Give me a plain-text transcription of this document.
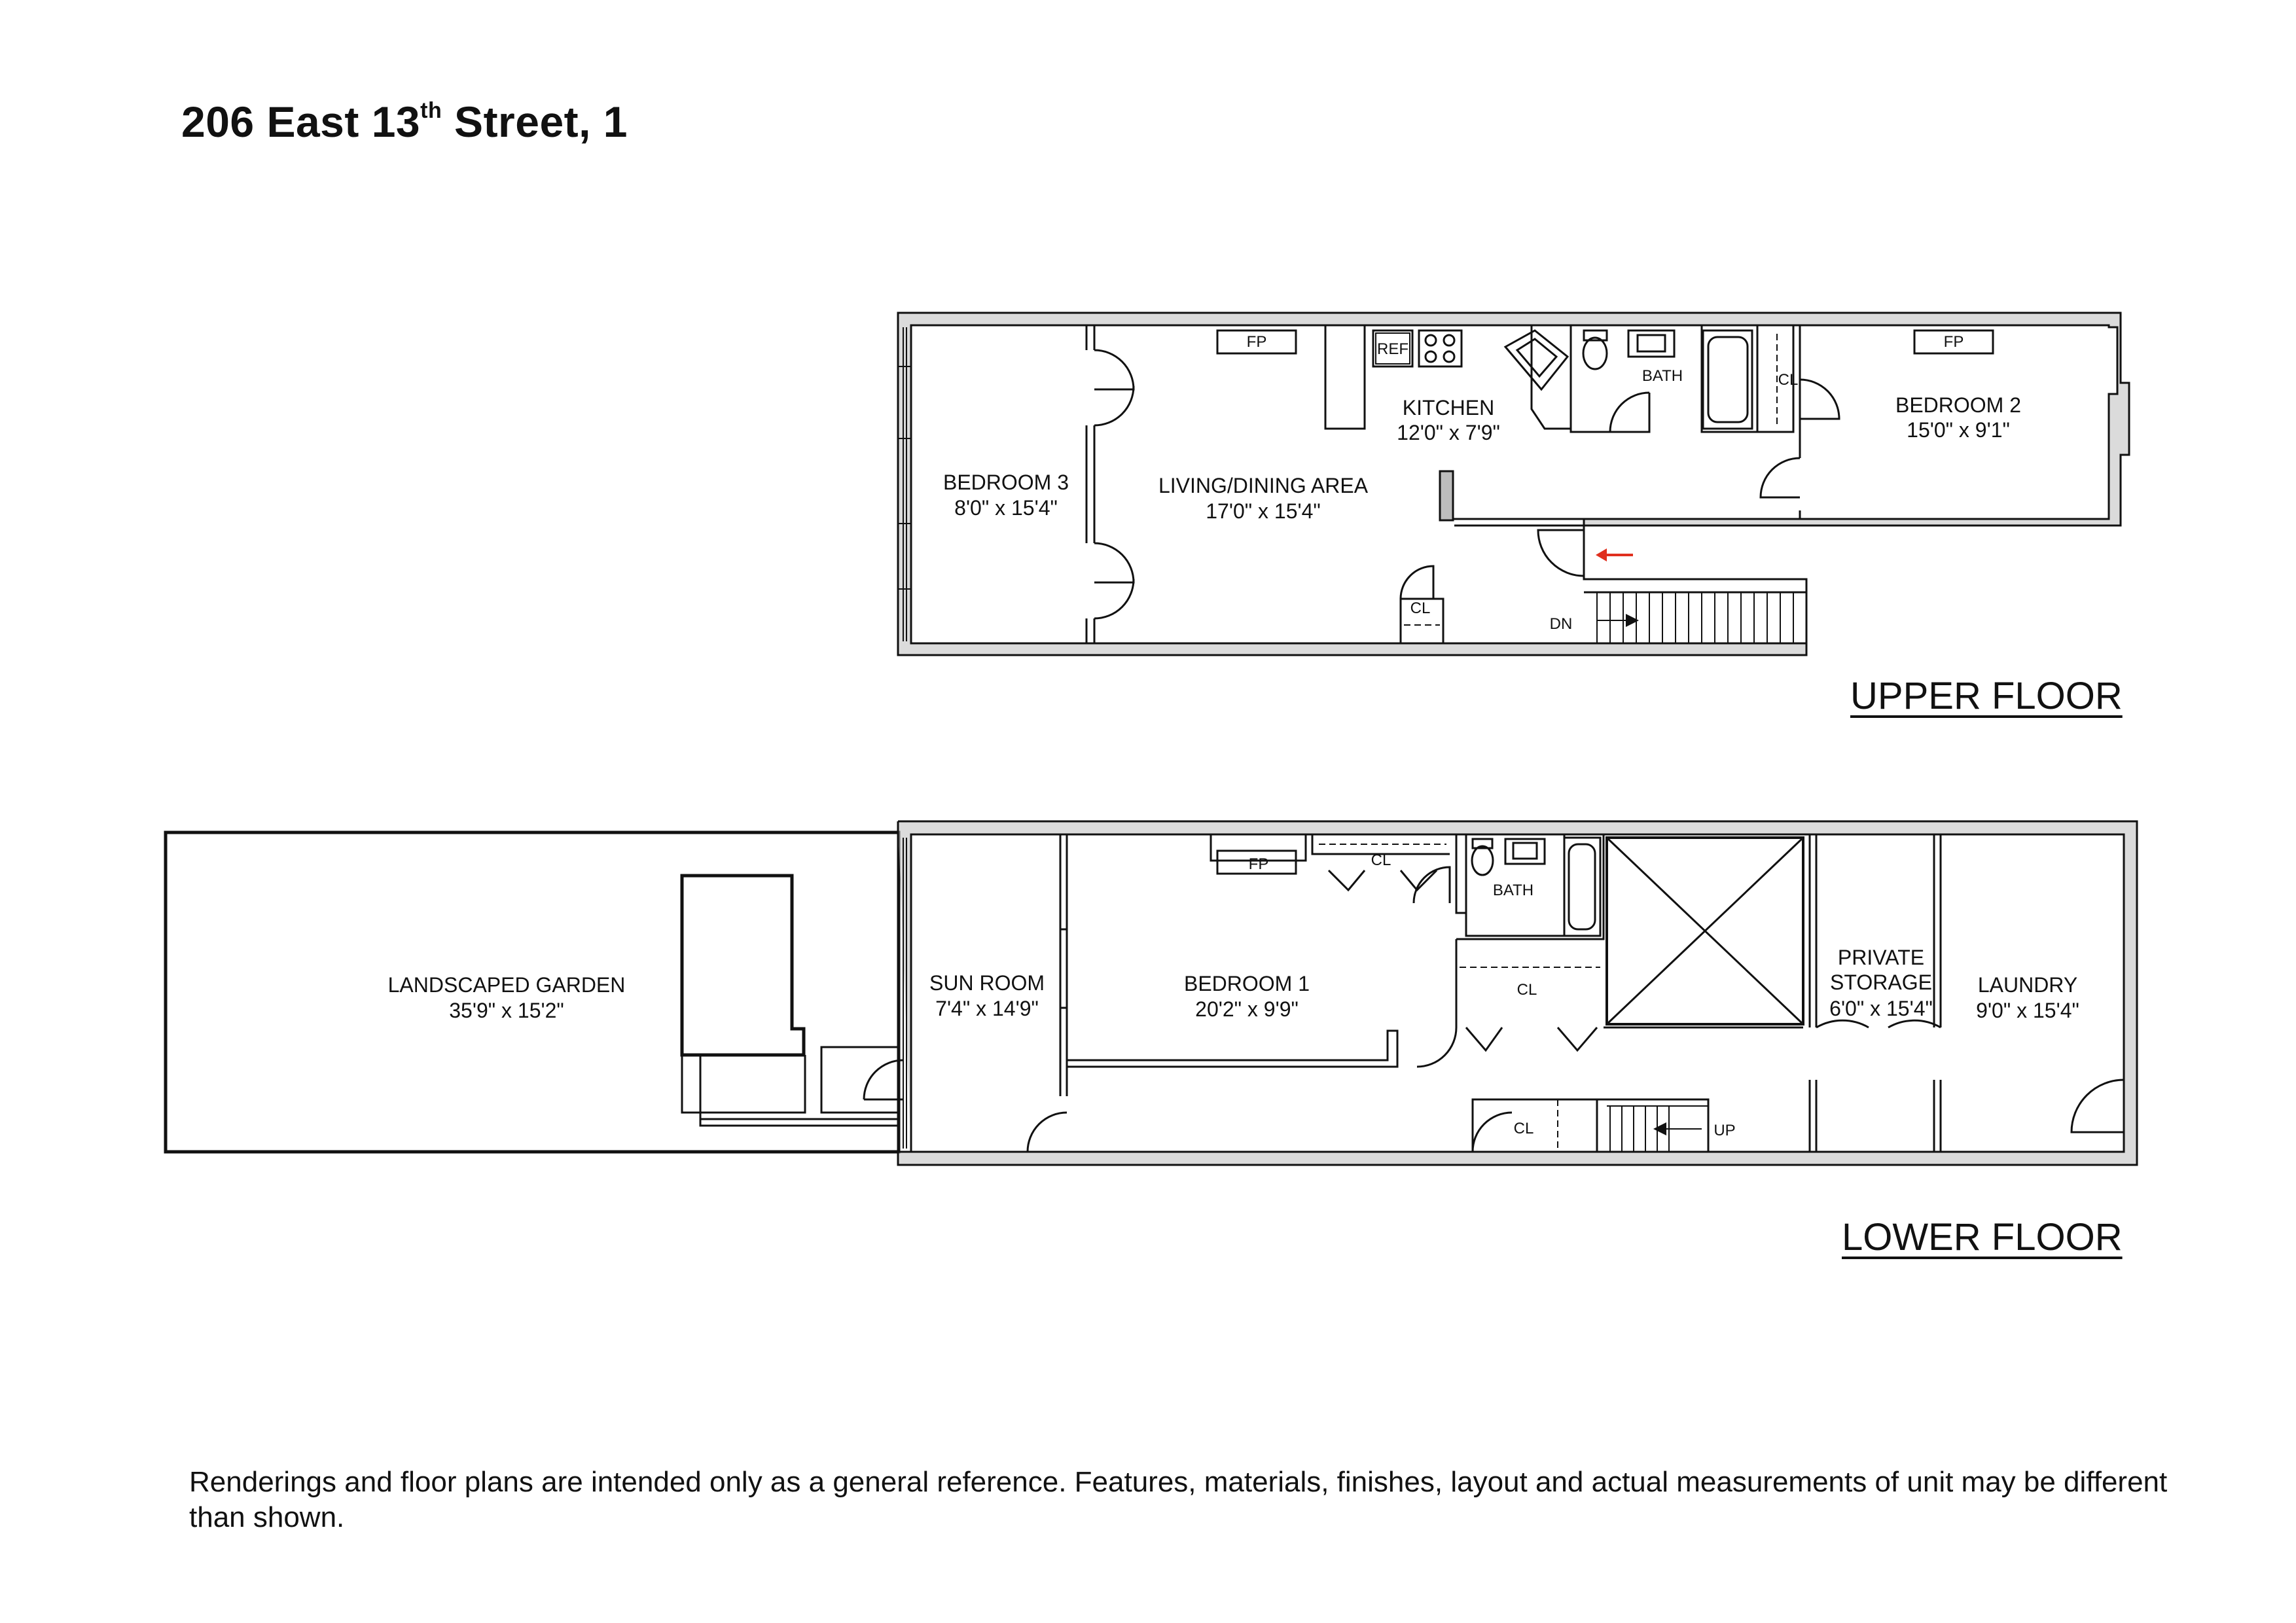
206 East 13th Street, 1
BEDROOM 3
8'0" x 15'4"
LIVING/DINING AREA
17'0" x 15'4"
KITCHEN
12'0" x 7'9"
BATH
BEDROOM 2
15'0" x 9'1"
FP	FP
REF
CL
CL
DN
LANDSCAPED GARDEN
35'9" x 15'2"
SUN ROOM
7'4" x 14'9"
BEDROOM 1
20'2" x 9'9"
BATH
PRIVATE
STORAGE
6'0" x 15'4"
LAUNDRY
9'0" x 15'4"
FP	CL
CL
CL	UP
UPPER FLOOR
LOWER FLOOR
Renderings and floor plans are intended only as a general reference. Features, materials, finishes, layout and actual measurements of unit may be different than shown.
